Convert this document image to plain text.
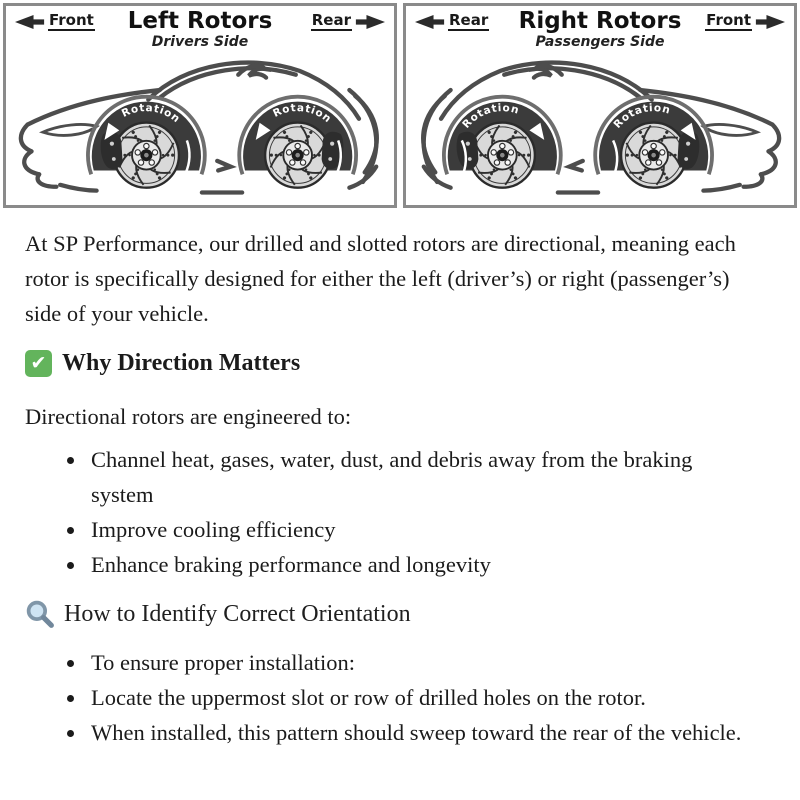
Front	Left Rotors
Drivers Side
Rear
Rotation	Rotation
Rear	Right Rotors
Passengers Side
Front
Rotation
Rotation

At SP Performance, our drilled and slotted rotors are directional, meaning each rotor is specifically designed for either the left (driver’s) or right (passenger’s) side of your vehicle.

✔ Why Direction Matters

Directional rotors are engineered to:

• Channel heat, gases, water, dust, and debris away from the braking system
• Improve cooling efficiency
• Enhance braking performance and longevity
How to Identify Correct Orientation
• To ensure proper installation:
• Locate the uppermost slot or row of drilled holes on the rotor.
• When installed, this pattern should sweep toward the rear of the vehicle.
